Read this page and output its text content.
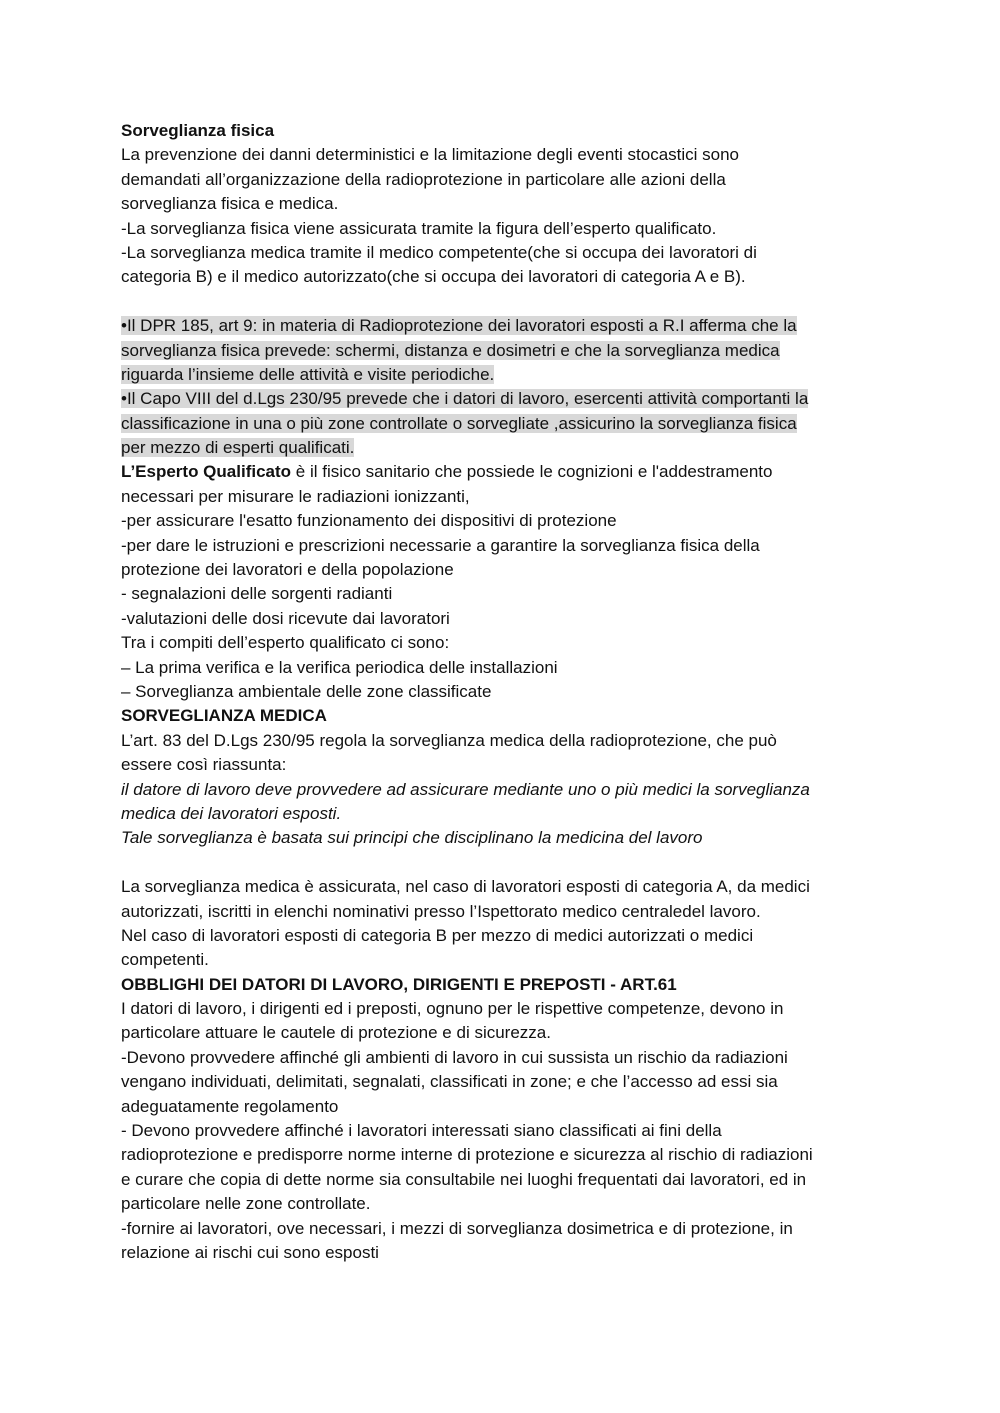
Sorveglianza fisica
La prevenzione dei danni deterministici e la limitazione degli eventi stocastici sono
demandati all’organizzazione della radioprotezione in particolare alle azioni della
sorveglianza fisica e medica.
-La sorveglianza fisica viene assicurata tramite la figura dell’esperto qualificato.
-La sorveglianza medica tramite il medico competente(che si occupa dei lavoratori di
categoria B) e il medico autorizzato(che si occupa dei lavoratori di categoria A e B).
•Il DPR 185, art 9: in materia di Radioprotezione dei lavoratori esposti a R.I afferma che la
sorveglianza fisica prevede: schermi, distanza e dosimetri e che la sorveglianza medica
riguarda l’insieme delle attività e visite periodiche.
•Il Capo VIII del d.Lgs 230/95 prevede che i datori di lavoro, esercenti attività comportanti la
classificazione in una o più zone controllate o sorvegliate ,assicurino la sorveglianza fisica
per mezzo di esperti qualificati.
L’Esperto Qualificato è il fisico sanitario che possiede le cognizioni e l'addestramento
necessari per misurare le radiazioni ionizzanti,
-per assicurare l'esatto funzionamento dei dispositivi di protezione
-per dare le istruzioni e prescrizioni necessarie a garantire la sorveglianza fisica della
protezione dei lavoratori e della popolazione
- segnalazioni delle sorgenti radianti
-valutazioni delle dosi ricevute dai lavoratori
Tra i compiti dell’esperto qualificato ci sono:
– La prima verifica e la verifica periodica delle installazioni
– Sorveglianza ambientale delle zone classificate
SORVEGLIANZA MEDICA
L’art. 83 del D.Lgs 230/95 regola la sorveglianza medica della radioprotezione, che può
essere così riassunta:
il datore di lavoro deve provvedere ad assicurare mediante uno o più medici la sorveglianza
medica dei lavoratori esposti.
Tale sorveglianza è basata sui principi che disciplinano la medicina del lavoro
La sorveglianza medica è assicurata, nel caso di lavoratori esposti di categoria A, da medici
autorizzati, iscritti in elenchi nominativi presso l’Ispettorato medico centraledel lavoro.
Nel caso di lavoratori esposti di categoria B per mezzo di medici autorizzati o medici
competenti.
OBBLIGHI DEI DATORI DI LAVORO, DIRIGENTI E PREPOSTI - ART.61
I datori di lavoro, i dirigenti ed i preposti, ognuno per le rispettive competenze, devono in
particolare attuare le cautele di protezione e di sicurezza.
-Devono provvedere affinché gli ambienti di lavoro in cui sussista un rischio da radiazioni
vengano individuati, delimitati, segnalati, classificati in zone; e che l’accesso ad essi sia
adeguatamente regolamento
- Devono provvedere affinché i lavoratori interessati siano classificati ai fini della
radioprotezione e predisporre norme interne di protezione e sicurezza al rischio di radiazioni
e curare che copia di dette norme sia consultabile nei luoghi frequentati dai lavoratori, ed in
particolare nelle zone controllate.
-fornire ai lavoratori, ove necessari, i mezzi di sorveglianza dosimetrica e di protezione, in
relazione ai rischi cui sono esposti
